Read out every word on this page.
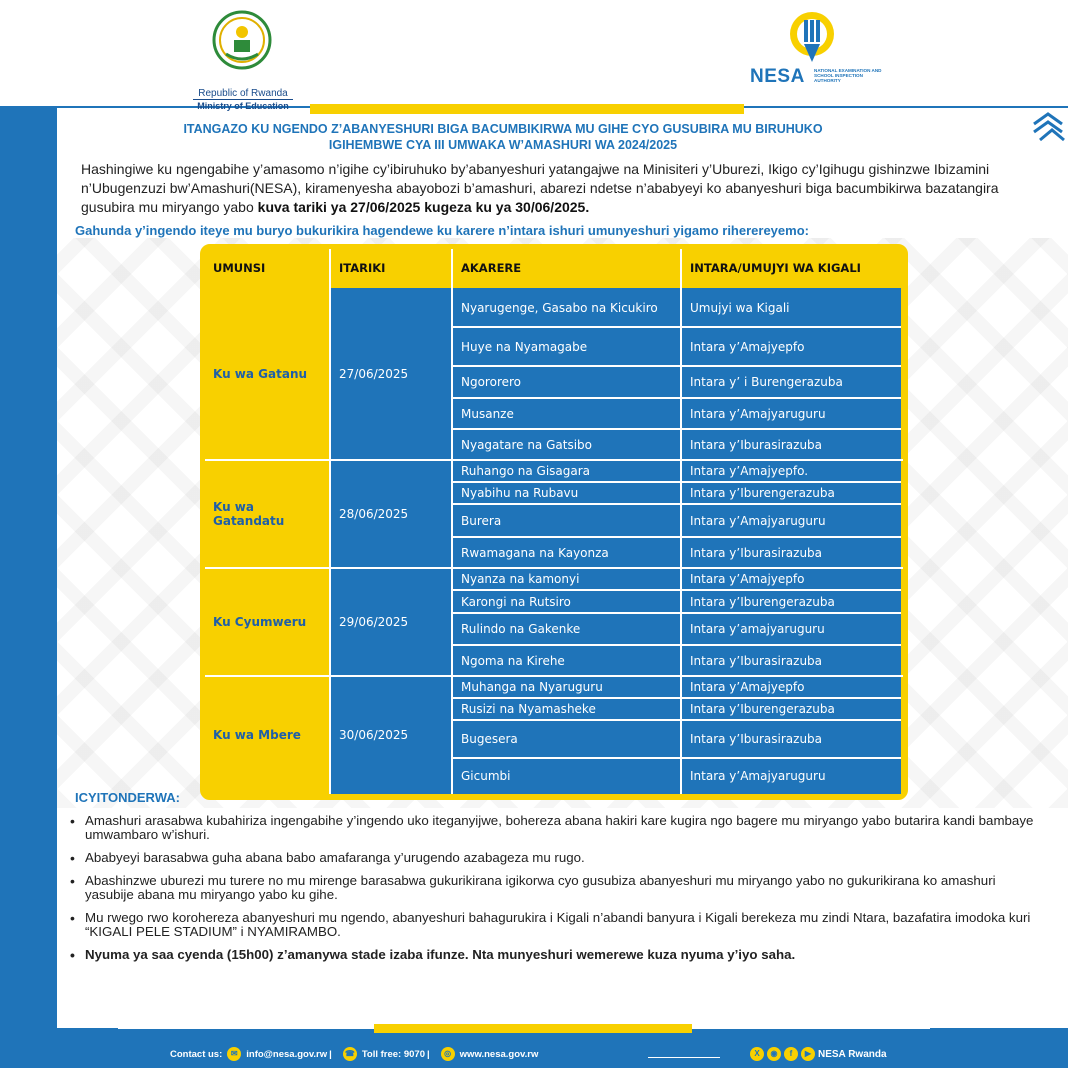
Republic of Rwanda
Ministry of Education
NESA NATIONAL EXAMINATION AND SCHOOL INSPECTION AUTHORITY
ITANGAZO KU NGENDO Z’ABANYESHURI BIGA BACUMBIKIRWA MU GIHE CYO GUSUBIRA MU BIRUHUKO
IGIHEMBWE CYA III UMWAKA W’AMASHURI WA 2024/2025
Hashingiwe ku ngengabihe y’amasomo n’igihe cy’ibiruhuko by’abanyeshuri yatangajwe na Minisiteri y’Uburezi, Ikigo cy’Igihugu gishinzwe Ibizamini n’Ubugenzuzi bw’Amashuri(NESA), kiramenyesha abayobozi b’amashuri, abarezi ndetse n’ababyeyi ko abanyeshuri biga bacumbikirwa bazatangira gusubira mu miryango yabo kuva tariki ya 27/06/2025 kugeza ku ya 30/06/2025.
Gahunda y’ingendo iteye mu buryo bukurikira hagendewe ku karere n’intara ishuri umunyeshuri yigamo riherereyemo:
UMUNSI	ITARIKI	AKARERE	INTARA/UMUJYI WA KIGALI
Ku wa Gatanu	27/06/2025
Nyarugenge, Gasabo na Kicukiro	Umujyi wa Kigali
Huye na Nyamagabe	Intara y’Amajyepfo
Ngororero	Intara y’ i Burengerazuba
Musanze	Intara y’Amajyaruguru
Nyagatare na Gatsibo	Intara y’Iburasirazuba
Ku wa Gatandatu	28/06/2025
Ruhango na Gisagara	Intara y’Amajyepfo.
Nyabihu na Rubavu	Intara y’Iburengerazuba
Burera	Intara y’Amajyaruguru
Rwamagana na Kayonza	Intara y’Iburasirazuba
Ku Cyumweru	29/06/2025
Nyanza na kamonyi	Intara y’Amajyepfo
Karongi na Rutsiro	Intara y’Iburengerazuba
Rulindo na Gakenke	Intara y’amajyaruguru
Ngoma na Kirehe	Intara y’Iburasirazuba
Ku wa Mbere	30/06/2025
Muhanga na Nyaruguru	Intara y’Amajyepfo
Rusizi na Nyamasheke	Intara y’Iburengerazuba
Bugesera	Intara y’Iburasirazuba
Gicumbi	Intara y’Amajyaruguru
ICYITONDERWA:
• Amashuri arasabwa kubahiriza ingengabihe y’ingendo uko iteganyijwe, bohereza abana hakiri kare kugira ngo bagere mu miryango yabo butarira kandi bambaye umwambaro w’ishuri.
• Ababyeyi barasabwa guha abana babo amafaranga y’urugendo azabageza mu rugo.
• Abashinzwe uburezi mu turere no mu mirenge barasabwa gukurikirana igikorwa cyo gusubiza abanyeshuri mu miryango yabo no gukurikirana ko amashuri yasubije abana mu miryango yabo ku gihe.
• Mu rwego rwo korohereza abanyeshuri mu ngendo, abanyeshuri bahagurukira i Kigali n’abandi banyura i Kigali berekeza mu zindi Ntara, bazafatira imodoka kuri “KIGALI PELE STADIUM” i NYAMIRAMBO.
• Nyuma ya saa cyenda (15h00) z’amanywa stade izaba ifunze. Nta munyeshuri wemerewe kuza nyuma y’iyo saha.
Contact us:	✉ info@nesa.gov.rw | ☎ Toll free: 9070 |	◎ www.nesa.gov.rw	X	◉	f	▶ NESA Rwanda
